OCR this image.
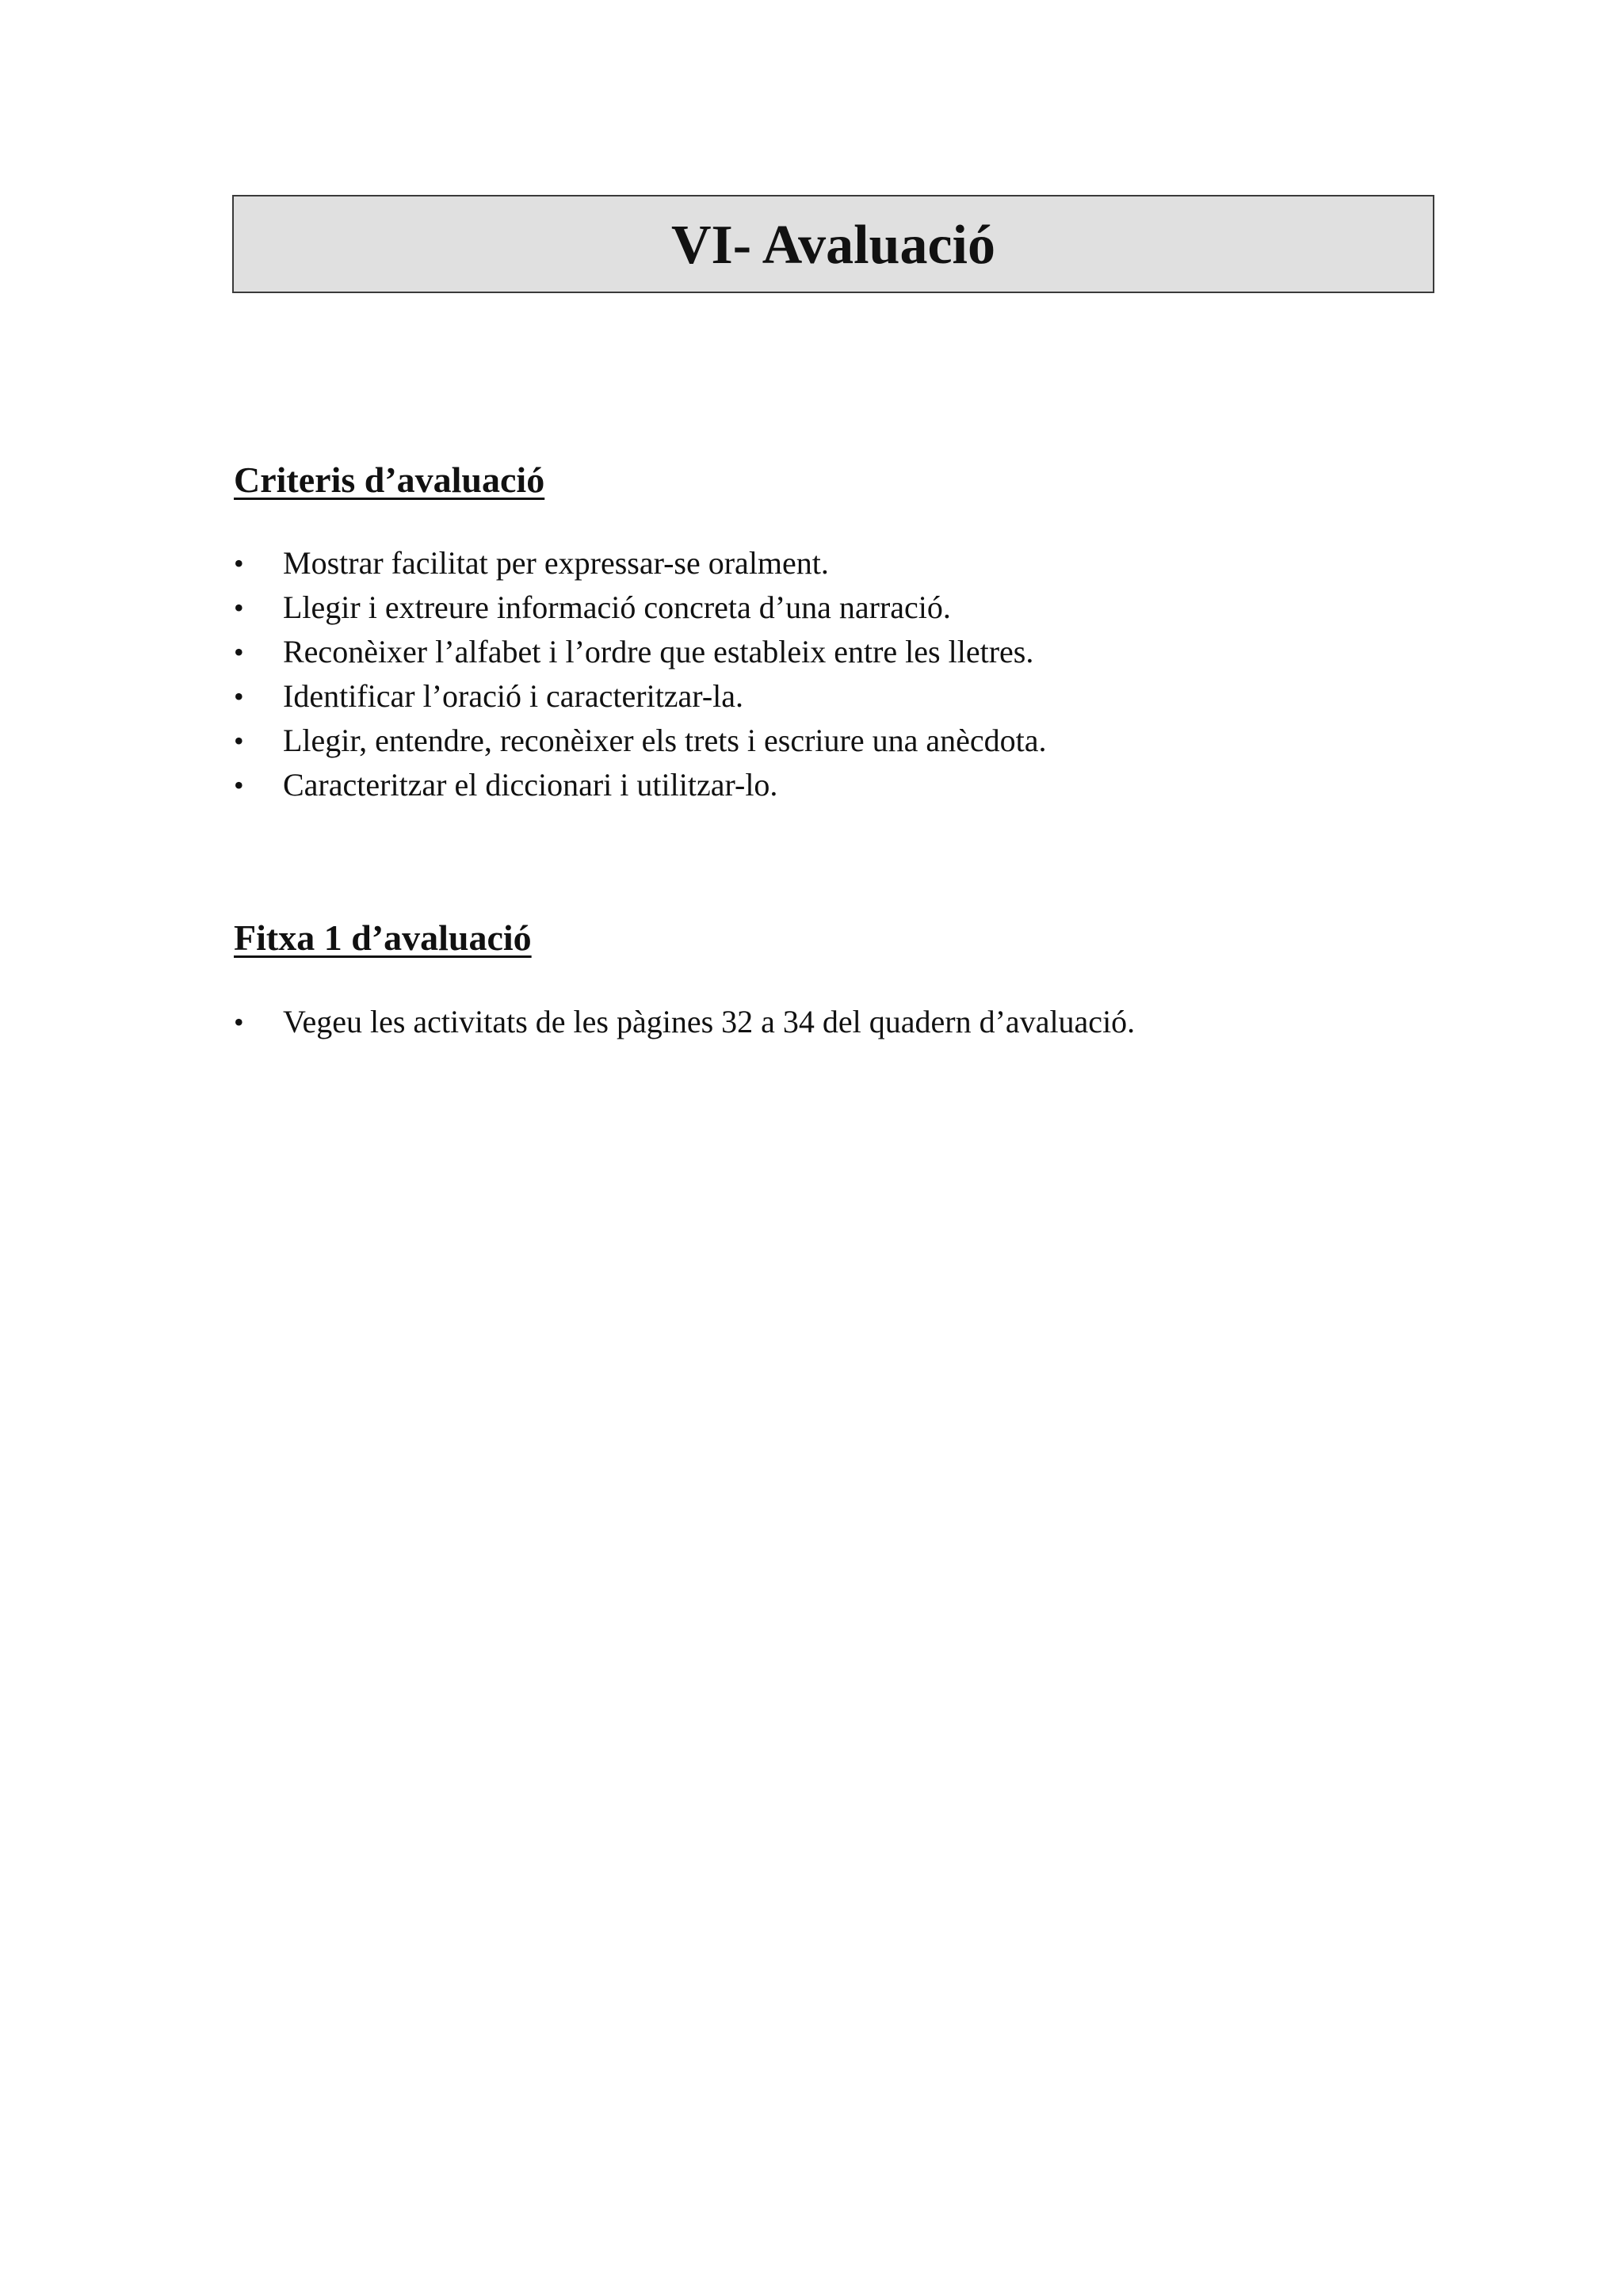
VI- Avaluació
Criteris d’avaluació
• Mostrar facilitat per expressar-se oralment.
• Llegir i extreure informació concreta d’una narració.
• Reconèixer l’alfabet i l’ordre que estableix entre les lletres.
• Identificar l’oració i caracteritzar-la.
• Llegir, entendre, reconèixer els trets i escriure una anècdota.
• Caracteritzar el diccionari i utilitzar-lo.
Fitxa 1 d’avaluació
• Vegeu les activitats de les pàgines 32 a 34 del quadern d’avaluació.
